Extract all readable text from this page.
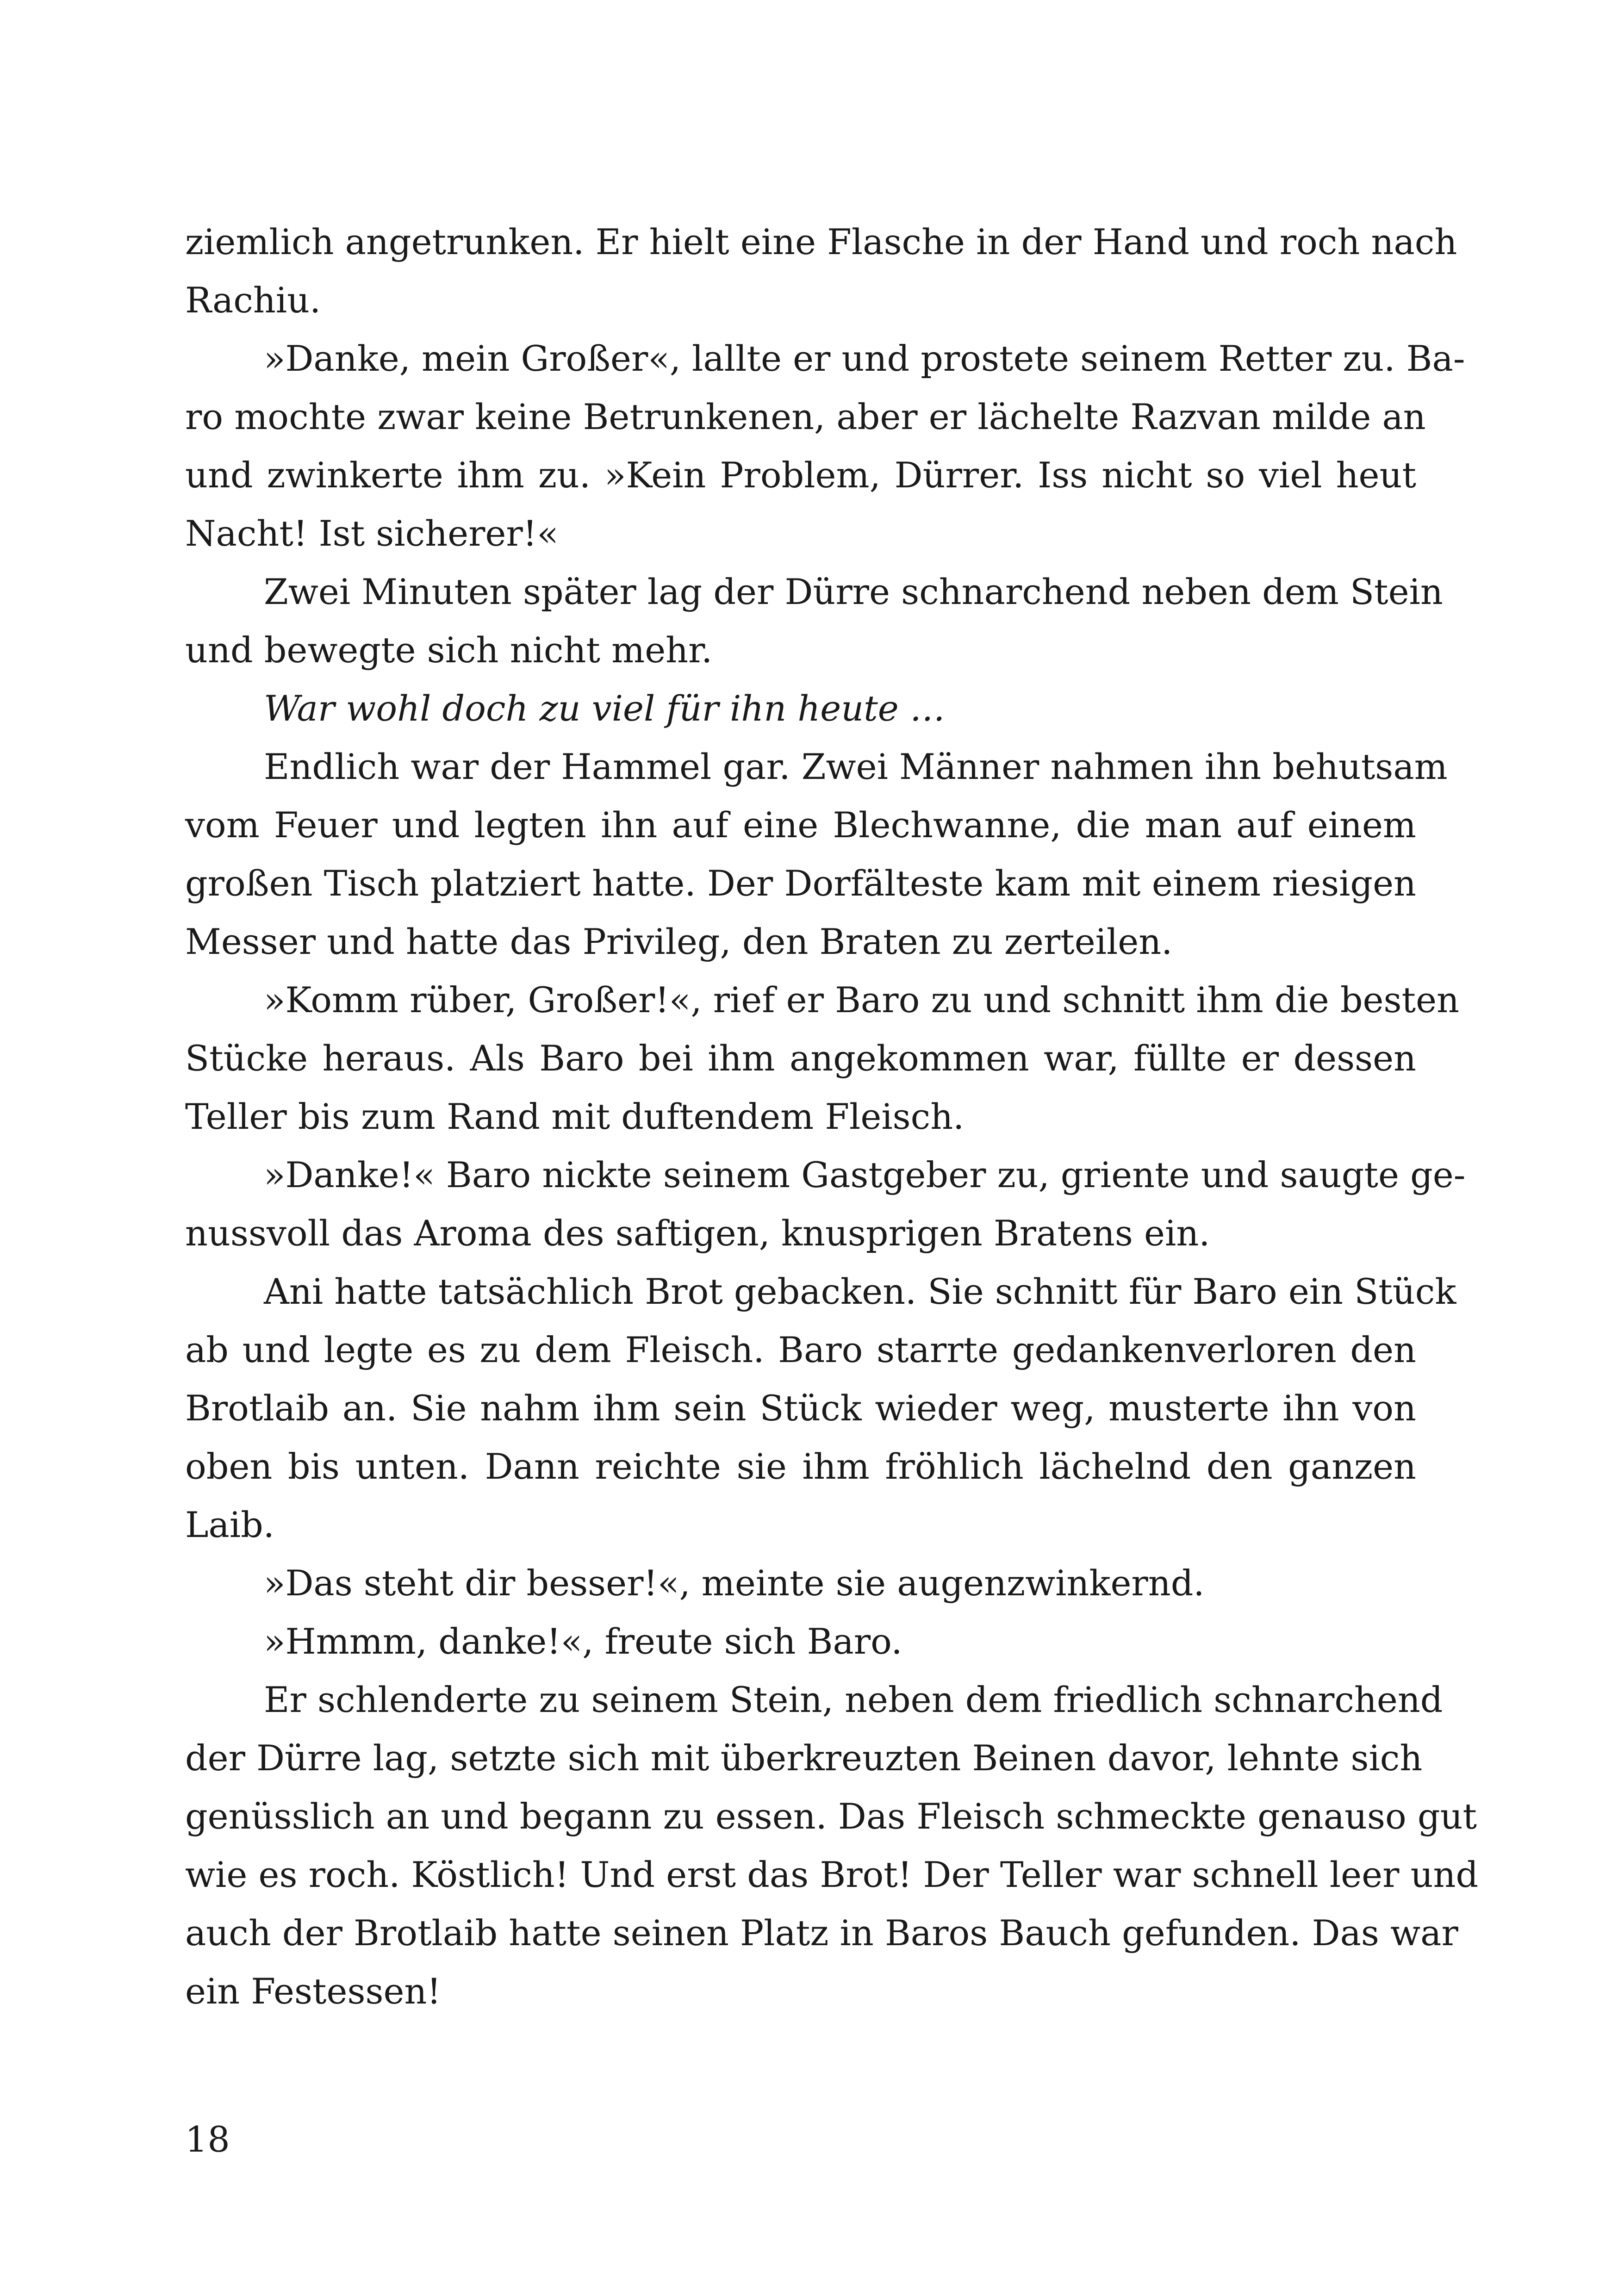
ziemlich angetrunken. Er hielt eine Flasche in der Hand und roch nach
Rachiu.
»Danke, mein Großer«, lallte er und prostete seinem Retter zu. Ba-
ro mochte zwar keine Betrunkenen, aber er lächelte Razvan milde an
und zwinkerte ihm zu. »Kein Problem, Dürrer. Iss nicht so viel heut
Nacht! Ist sicherer!«
Zwei Minuten später lag der Dürre schnarchend neben dem Stein
und bewegte sich nicht mehr.
War wohl doch zu viel für ihn heute …
Endlich war der Hammel gar. Zwei Männer nahmen ihn behutsam
vom Feuer und legten ihn auf eine Blechwanne, die man auf einem
großen Tisch platziert hatte. Der Dorfälteste kam mit einem riesigen
Messer und hatte das Privileg, den Braten zu zerteilen.
»Komm rüber, Großer!«, rief er Baro zu und schnitt ihm die besten
Stücke heraus. Als Baro bei ihm angekommen war, füllte er dessen
Teller bis zum Rand mit duftendem Fleisch.
»Danke!« Baro nickte seinem Gastgeber zu, griente und saugte ge-
nussvoll das Aroma des saftigen, knusprigen Bratens ein.
Ani hatte tatsächlich Brot gebacken. Sie schnitt für Baro ein Stück
ab und legte es zu dem Fleisch. Baro starrte gedankenverloren den
Brotlaib an. Sie nahm ihm sein Stück wieder weg, musterte ihn von
oben bis unten. Dann reichte sie ihm fröhlich lächelnd den ganzen
Laib.
»Das steht dir besser!«, meinte sie augenzwinkernd.
»Hmmm, danke!«, freute sich Baro.
Er schlenderte zu seinem Stein, neben dem friedlich schnarchend
der Dürre lag, setzte sich mit überkreuzten Beinen davor, lehnte sich
genüsslich an und begann zu essen. Das Fleisch schmeckte genauso gut
wie es roch. Köstlich! Und erst das Brot! Der Teller war schnell leer und
auch der Brotlaib hatte seinen Platz in Baros Bauch gefunden. Das war
ein Festessen!
18
